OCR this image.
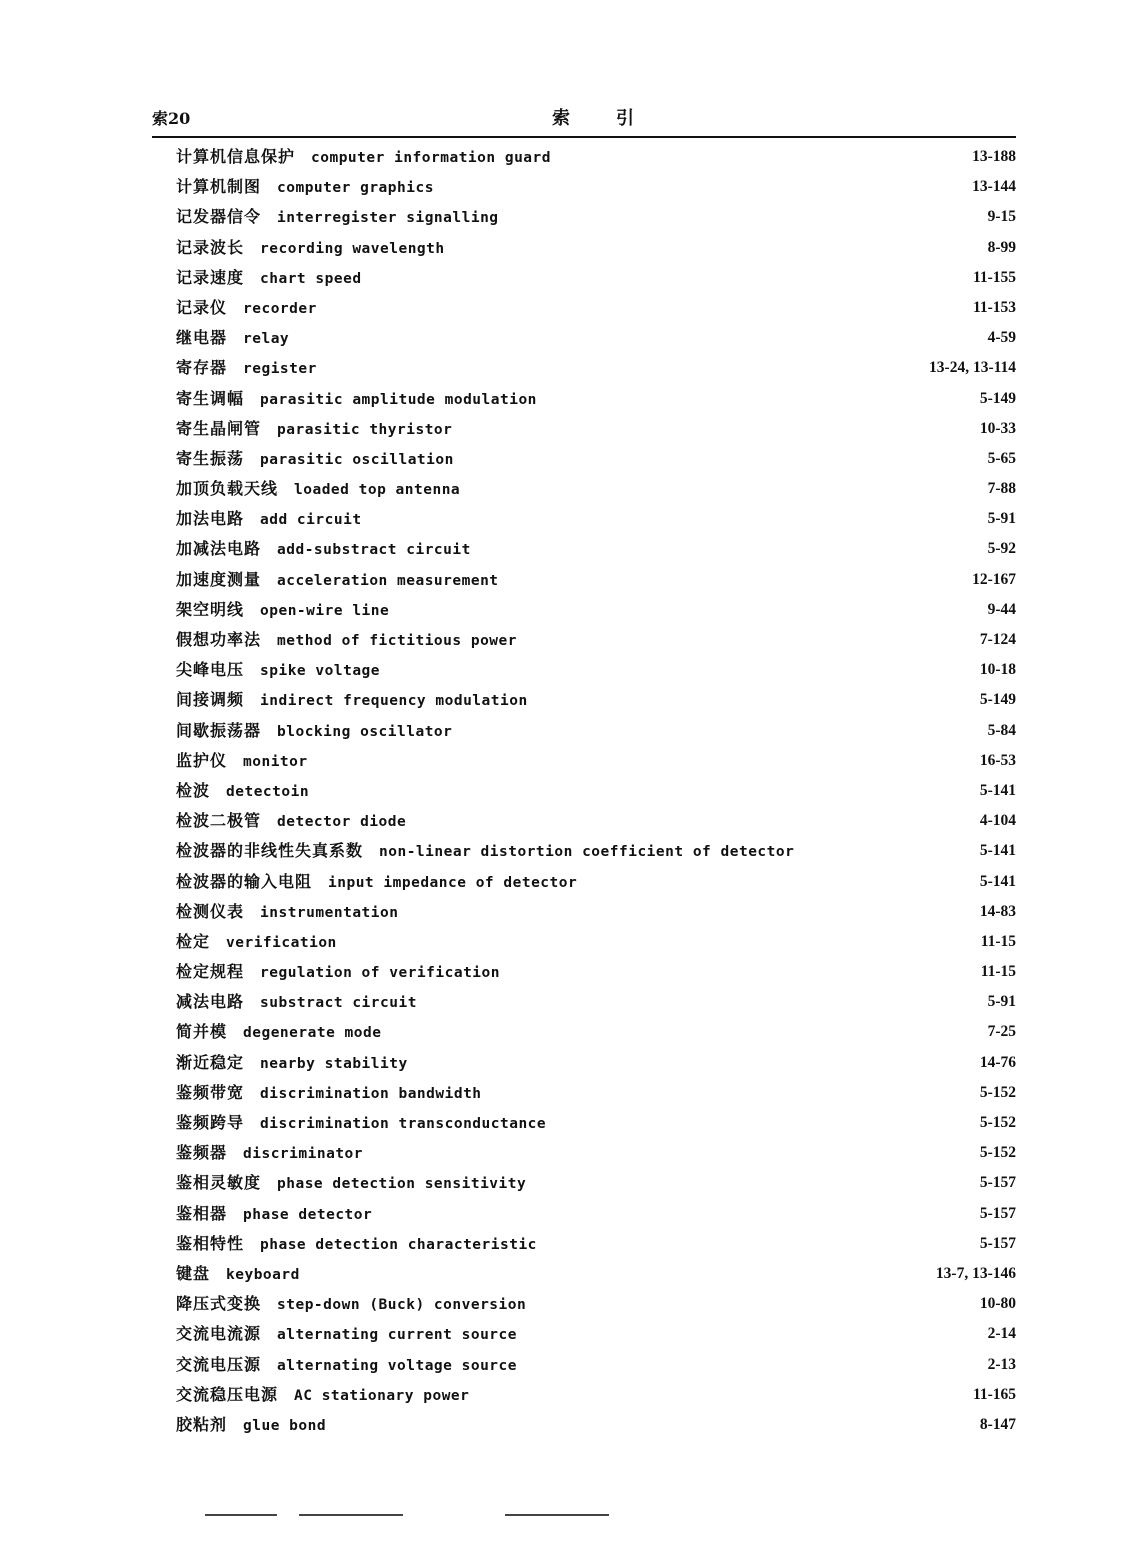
索20	索引
计算机信息保护 computer information guard	13-188
计算机制图 computer graphics	13-144
记发器信令 interregister signalling	9-15
记录波长 recording wavelength	8-99
记录速度 chart speed	11-155
记录仪 recorder	11-153
继电器 relay	4-59
寄存器 register	13-24, 13-114
寄生调幅 parasitic amplitude modulation	5-149
寄生晶闸管 parasitic thyristor	10-33
寄生振荡 parasitic oscillation	5-65
加顶负载天线 loaded top antenna	7-88
加法电路 add circuit	5-91
加减法电路 add-substract circuit	5-92
加速度测量 acceleration measurement	12-167
架空明线 open-wire line	9-44
假想功率法 method of fictitious power	7-124
尖峰电压 spike voltage	10-18
间接调频 indirect frequency modulation	5-149
间歇振荡器 blocking oscillator	5-84
监护仪 monitor	16-53
检波 detectoin	5-141
检波二极管 detector diode	4-104
检波器的非线性失真系数 non-linear distortion coefficient of detector	5-141
检波器的输入电阻 input impedance of detector	5-141
检测仪表 instrumentation	14-83
检定 verification	11-15
检定规程 regulation of verification	11-15
减法电路 substract circuit	5-91
简并模 degenerate mode	7-25
渐近稳定 nearby stability	14-76
鉴频带宽 discrimination bandwidth	5-152
鉴频跨导 discrimination transconductance	5-152
鉴频器 discriminator	5-152
鉴相灵敏度 phase detection sensitivity	5-157
鉴相器 phase detector	5-157
鉴相特性 phase detection characteristic	5-157
键盘 keyboard	13-7, 13-146
降压式变换 step-down (Buck) conversion	10-80
交流电流源 alternating current source	2-14
交流电压源 alternating voltage source	2-13
交流稳压电源 AC stationary power	11-165
胶粘剂 glue bond	8-147
